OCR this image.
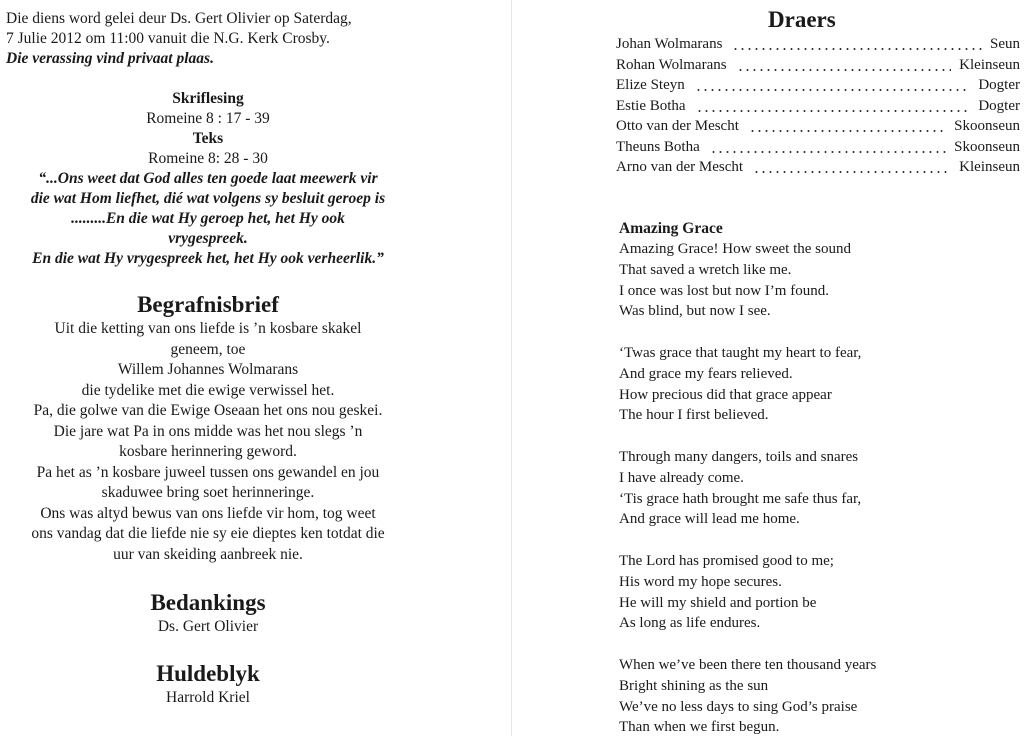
Die diens word gelei deur Ds. Gert Olivier op Saterdag,
7 Julie 2012 om 11:00 vanuit die N.G. Kerk Crosby.
Die verassing vind privaat plaas.
Skriflesing
Romeine 8 : 17 - 39
Teks
Romeine 8: 28 - 30
“...Ons weet dat God alles ten goede laat meewerk vir
die wat Hom liefhet, dié wat volgens sy besluit geroep is
.........En die wat Hy geroep het, het Hy ook
vrygespreek.
En die wat Hy vrygespreek het, het Hy ook verheerlik.”
Begrafnisbrief
Uit die ketting van ons liefde is ’n kosbare skakel
geneem, toe
Willem Johannes Wolmarans
die tydelike met die ewige verwissel het.
Pa, die golwe van die Ewige Oseaan het ons nou geskei.
Die jare wat Pa in ons midde was het nou slegs ’n
kosbare herinnering geword.
Pa het as ’n kosbare juweel tussen ons gewandel en jou
skaduwee bring soet herinneringe.
Ons was altyd bewus van ons liefde vir hom, tog weet
ons vandag dat die liefde nie sy eie dieptes ken totdat die
uur van skeiding aanbreek nie.
Bedankings
Ds. Gert Olivier
Huldeblyk
Harrold Kriel
Draers
Johan Wolmarans	Seun
Rohan Wolmarans	Kleinseun
Elize Steyn	Dogter
Estie Botha	Dogter
Otto van der Mescht	Skoonseun
Theuns Botha	Skoonseun
Arno van der Mescht	Kleinseun
Amazing Grace
Amazing Grace! How sweet the sound
That saved a wretch like me.
I once was lost but now I’m found.
Was blind, but now I see.
‘Twas grace that taught my heart to fear,
And grace my fears relieved.
How precious did that grace appear
The hour I first believed.
Through many dangers, toils and snares
I have already come.
‘Tis grace hath brought me safe thus far,
And grace will lead me home.
The Lord has promised good to me;
His word my hope secures.
He will my shield and portion be
As long as life endures.
When we’ve been there ten thousand years
Bright shining as the sun
We’ve no less days to sing God’s praise
Than when we first begun.
